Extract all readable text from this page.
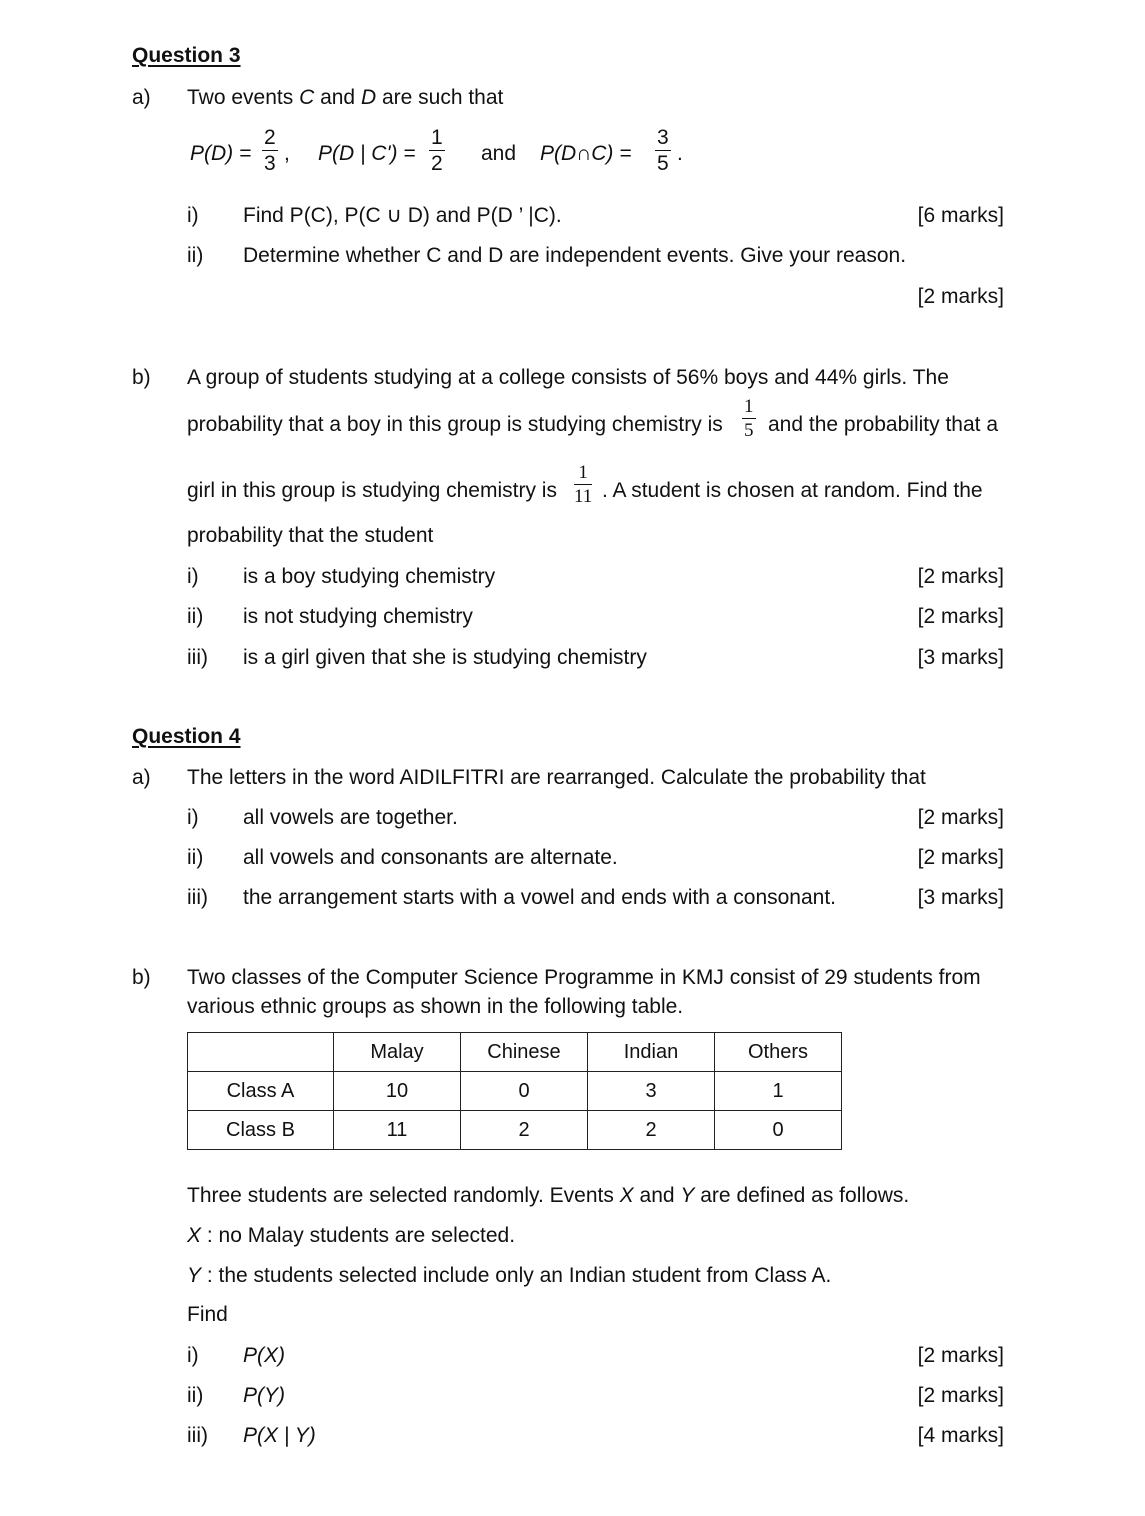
Question 3
a) Two events C and D are such that
$P(D) = \frac{2}{3}$ , P(D | $C') = \frac{1}{2}$ and P(D∩C) = $\frac{3}{5}$ .
i) Find P(C), P(C ∪ D) and P(D ’ |C).	[6 marks]
ii) Determine whether C and D are independent events. Give your reason.
[2 marks]
b) A group of students studying at a college consists of 56% boys and 44% girls. The
probability that a boy in this group is studying chemistry is $\frac{1}{5}$ and the probability that a
girl in this group is studying chemistry is $\frac{1}{11}$ . A student is chosen at random. Find the
probability that the student
i) is a boy studying chemistry	[2 marks]
ii) is not studying chemistry	[2 marks]
iii) is a girl given that she is studying chemistry	[3 marks]
Question 4
a) The letters in the word AIDILFITRI are rearranged. Calculate the probability that
i) all vowels are together.	[2 marks]
ii) all vowels and consonants are alternate.	[2 marks]
iii) the arrangement starts with a vowel and ends with a consonant.	[3 marks]
b) Two classes of the Computer Science Programme in KMJ consist of 29 students from
various ethnic groups as shown in the following table.
	Malay	Chinese	Indian	Others
Class A	10	0	3	1
Class B	11	2	2	0
Three students are selected randomly. Events X and Y are defined as follows.
X : no Malay students are selected.
Y : the students selected include only an Indian student from Class A.
Find
i) P(X)	[2 marks]
ii) P(Y)	[2 marks]
iii) P(X | Y)	[4 marks]
